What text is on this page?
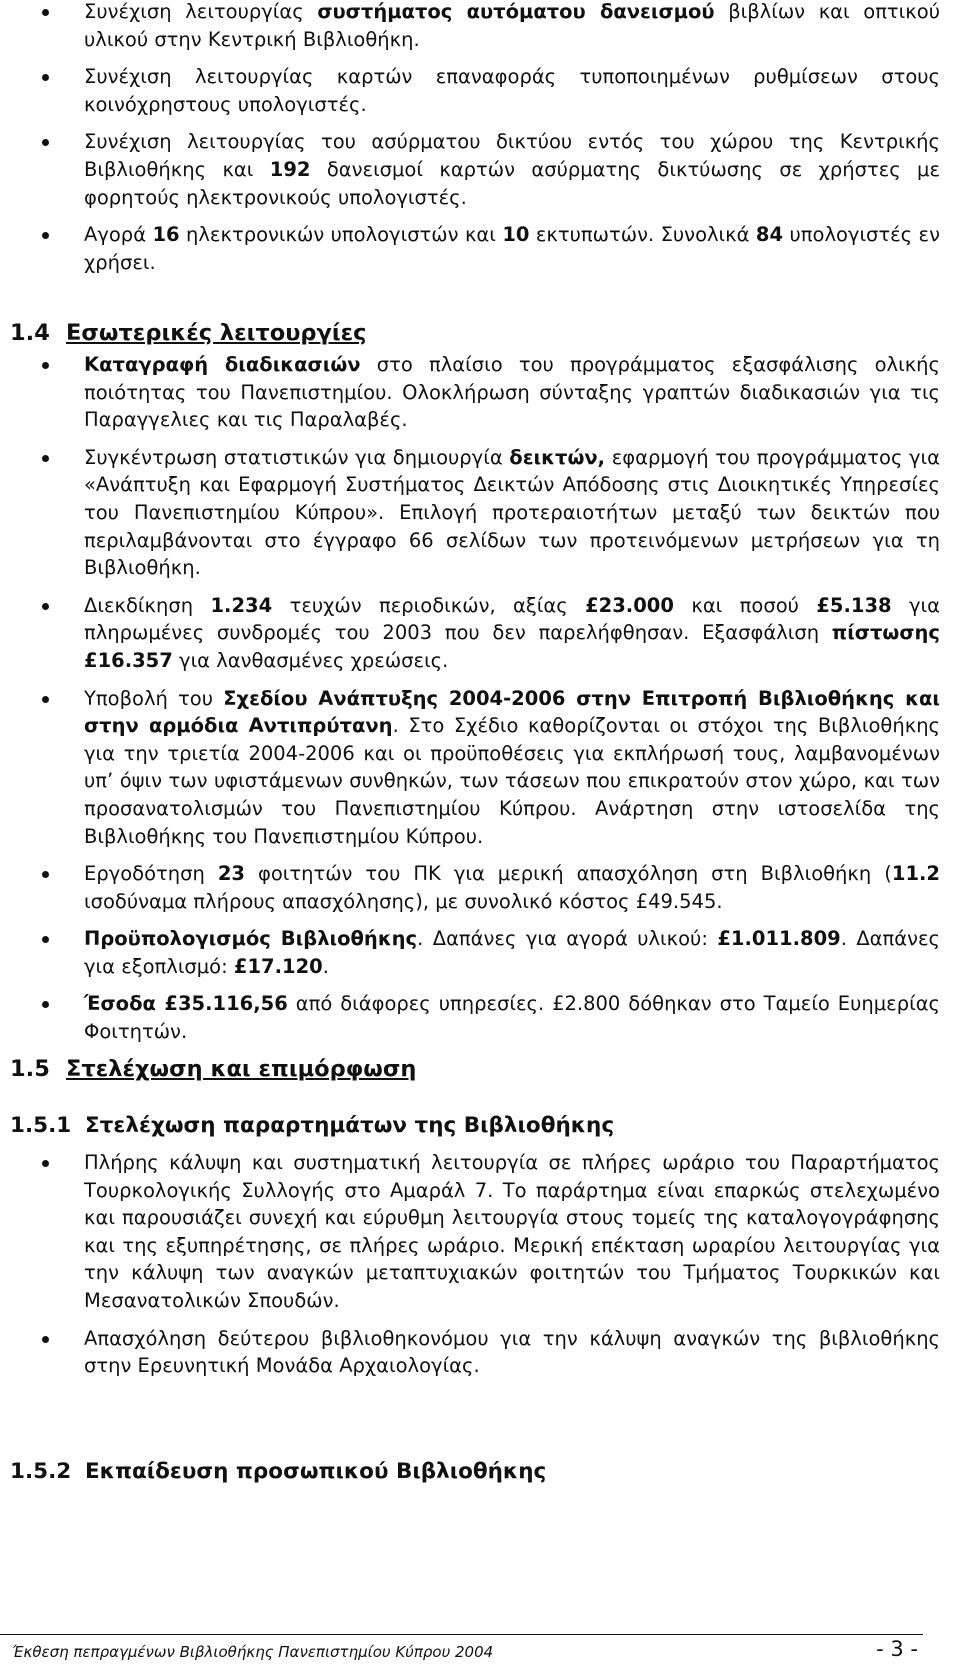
Συνέχιση λειτουργίας συστήματος αυτόματου δανεισμού βιβλίων και οπτικού υλικού στην Κεντρική Βιβλιοθήκη.
Συνέχιση λειτουργίας καρτών επαναφοράς τυποποιημένων ρυθμίσεων στους κοινόχρηστους υπολογιστές.
Συνέχιση λειτουργίας του ασύρματου δικτύου εντός του χώρου της Κεντρικής Βιβλιοθήκης και 192 δανεισμοί καρτών ασύρματης δικτύωσης σε χρήστες με φορητούς ηλεκτρονικούς υπολογιστές.
Αγορά 16 ηλεκτρονικών υπολογιστών και 10 εκτυπωτών. Συνολικά 84 υπολογιστές εν χρήσει.
1.4 Εσωτερικές λειτουργίες
Καταγραφή διαδικασιών στο πλαίσιο του προγράμματος εξασφάλισης ολικής ποιότητας του Πανεπιστημίου. Ολοκλήρωση σύνταξης γραπτών διαδικασιών για τις Παραγγελιες και τις Παραλαβές.
Συγκέντρωση στατιστικών για δημιουργία δεικτών, εφαρμογή του προγράμματος για «Ανάπτυξη και Εφαρμογή Συστήματος Δεικτών Απόδοσης στις Διοικητικές Υπηρεσίες του Πανεπιστημίου Κύπρου». Επιλογή προτεραιοτήτων μεταξύ των δεικτών που περιλαμβάνονται στο έγγραφο 66 σελίδων των προτεινόμενων μετρήσεων για τη Βιβλιοθήκη.
Διεκδίκηση 1.234 τευχών περιοδικών, αξίας £23.000 και ποσού £5.138 για πληρωμένες συνδρομές του 2003 που δεν παρελήφθησαν. Εξασφάλιση πίστωσης £16.357 για λανθασμένες χρεώσεις.
Υποβολή του Σχεδίου Ανάπτυξης 2004-2006 στην Επιτροπή Βιβλιοθήκης και στην αρμόδια Αντιπρύτανη. Στο Σχέδιο καθορίζονται οι στόχοι της Βιβλιοθήκης για την τριετία 2004-2006 και οι προϋποθέσεις για εκπλήρωσή τους, λαμβανομένων υπ’ όψιν των υφιστάμενων συνθηκών, των τάσεων που επικρατούν στον χώρο, και των προσανατολισμών του Πανεπιστημίου Κύπρου. Ανάρτηση στην ιστοσελίδα της Βιβλιοθήκης του Πανεπιστημίου Κύπρου.
Εργοδότηση 23 φοιτητών του ΠΚ για μερική απασχόληση στη Βιβλιοθήκη (11.2 ισοδύναμα πλήρους απασχόλησης), με συνολικό κόστος £49.545.
Προϋπολογισμός Βιβλιοθήκης. Δαπάνες για αγορά υλικού: £1.011.809. Δαπάνες για εξοπλισμό: £17.120.
Έσοδα £35.116,56 από διάφορες υπηρεσίες. £2.800 δόθηκαν στο Ταμείο Ευημερίας Φοιτητών.
1.5 Στελέχωση και επιμόρφωση
1.5.1 Στελέχωση παραρτημάτων της Βιβλιοθήκης
Πλήρης κάλυψη και συστηματική λειτουργία σε πλήρες ωράριο του Παραρτήματος Τουρκολογικής Συλλογής στο Αμαράλ 7. Το παράρτημα είναι επαρκώς στελεχωμένο και παρουσιάζει συνεχή και εύρυθμη λειτουργία στους τομείς της καταλογογράφησης και της εξυπηρέτησης, σε πλήρες ωράριο. Μερική επέκταση ωραρίου λειτουργίας για την κάλυψη των αναγκών μεταπτυχιακών φοιτητών του Τμήματος Τουρκικών και Μεσανατολικών Σπουδών.
Απασχόληση δεύτερου βιβλιοθηκονόμου για την κάλυψη αναγκών της βιβλιοθήκης στην Ερευνητική Μονάδα Αρχαιολογίας.
1.5.2 Εκπαίδευση προσωπικού Βιβλιοθήκης
Έκθεση πεπραγμένων Βιβλιοθήκης Πανεπιστημίου Κύπρου 2004	- 3 -
